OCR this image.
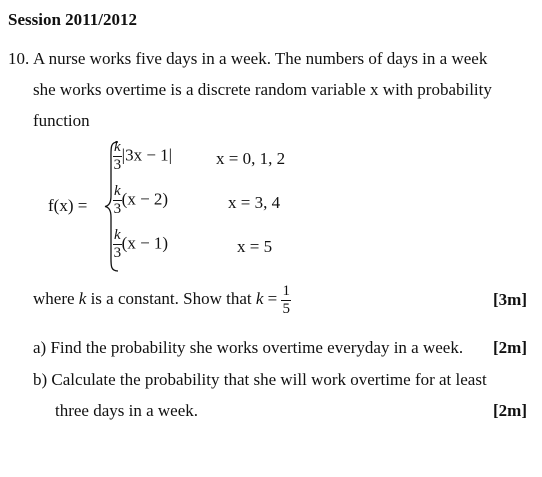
Session 2011/2012
10. A nurse works five days in a week. The numbers of days in a week
she works overtime is a discrete random variable x with probability
function
f(x) =
$\frac{k}{3} |3x - 1|$	x = 0, 1, 2
$\frac{k}{3} (x - 2)$	x = 3, 4
$\frac{k}{3} (x - 1)$	x = 5
where k is a constant. Show that $k = \frac{1}{5}$	[3m]
a) Find the probability she works overtime everyday in a week. [2m]
b) Calculate the probability that she will work overtime for at least
three days in a week.	[2m]
